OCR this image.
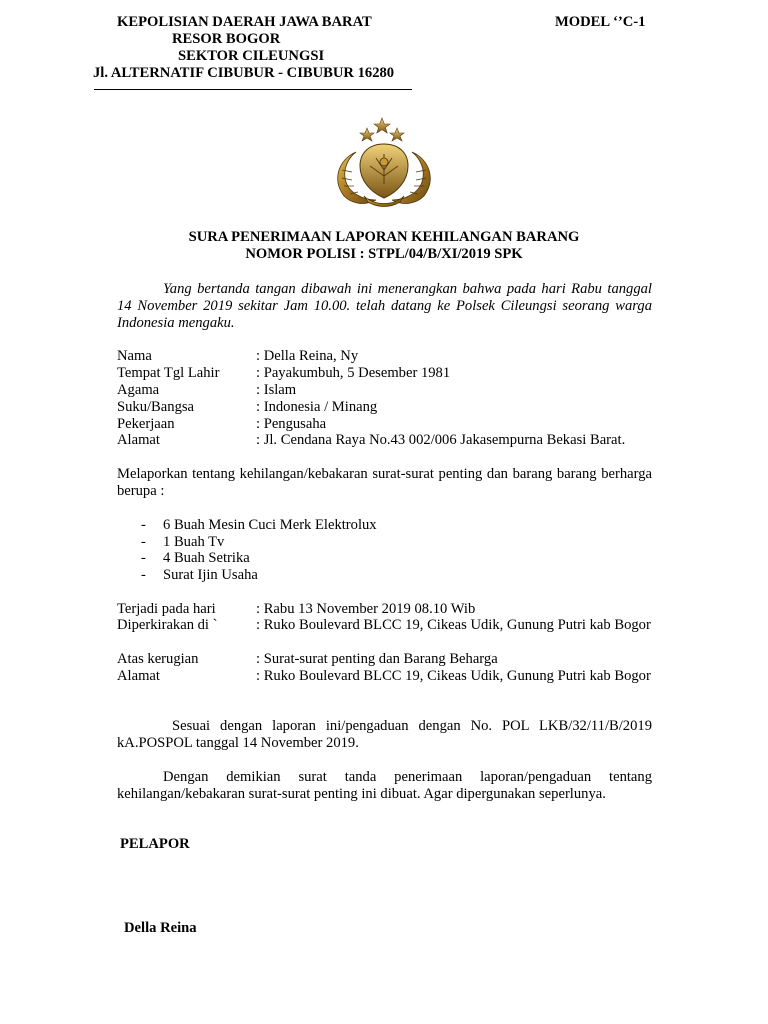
KEPOLISIAN DAERAH JAWA BARAT	MODEL ‘’C-1
RESOR BOGOR
SEKTOR CILEUNGSI
Jl. ALTERNATIF CIBUBUR - CIBUBUR 16280
SURA PENERIMAAN LAPORAN KEHILANGAN BARANG
NOMOR POLISI : STPL/04/B/XI/2019 SPK
Yang bertanda tangan dibawah ini menerangkan bahwa pada hari Rabu tanggal 14 November 2019 sekitar Jam 10.00. telah datang ke Polsek Cileungsi seorang warga Indonesia mengaku.
Nama	: Della Reina, Ny
Tempat Tgl Lahir	: Payakumbuh, 5 Desember 1981
Agama	: Islam
Suku/Bangsa	: Indonesia / Minang
Pekerjaan	: Pengusaha
Alamat	: Jl. Cendana Raya No.43 002/006 Jakasempurna Bekasi Barat.
Melaporkan tentang kehilangan/kebakaran surat-surat penting dan barang barang berharga berupa :
- 6 Buah Mesin Cuci Merk Elektrolux
- 1 Buah Tv
- 4 Buah Setrika
- Surat Ijin Usaha
Terjadi pada hari	: Rabu 13 November 2019 08.10 Wib
Diperkirakan di `	: Ruko Boulevard BLCC 19, Cikeas Udik, Gunung Putri kab Bogor
Atas kerugian	: Surat-surat penting dan Barang Beharga
Alamat	: Ruko Boulevard BLCC 19, Cikeas Udik, Gunung Putri kab Bogor
Sesuai dengan laporan ini/pengaduan dengan No. POL LKB/32/11/B/2019 kA.POSPOL tanggal 14 November 2019.
Dengan demikian surat tanda penerimaan laporan/pengaduan tentang kehilangan/kebakaran surat-surat penting ini dibuat. Agar dipergunakan seperlunya.
PELAPOR
Della Reina
